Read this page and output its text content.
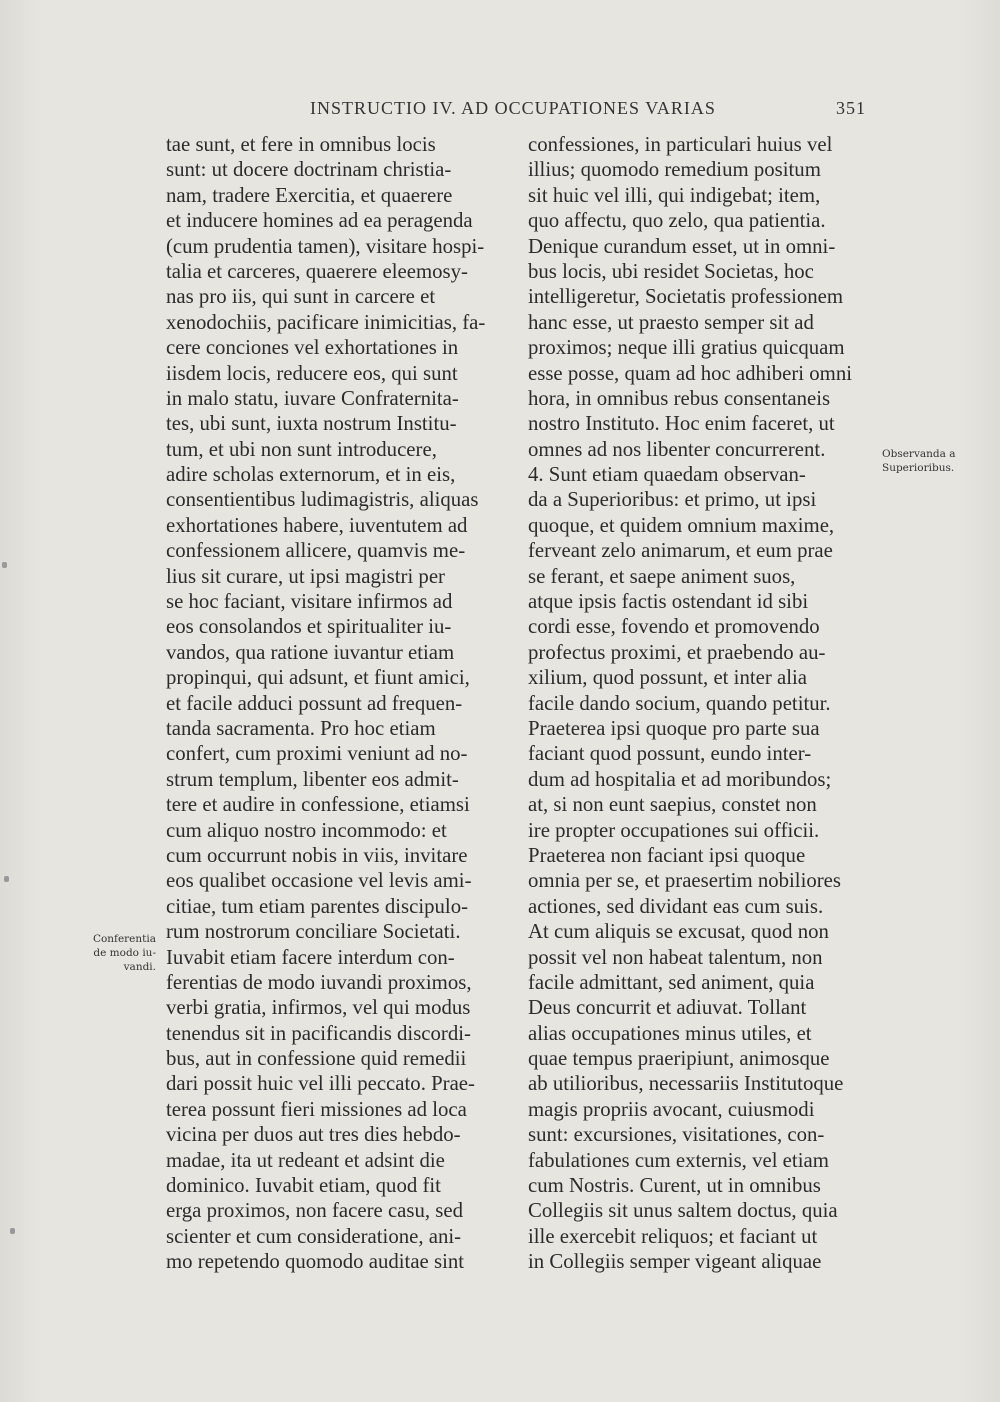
INSTRUCTIO IV. AD OCCUPATIONES VARIAS	351
tae sunt, et fere in omnibus locis
sunt: ut docere doctrinam christia-
nam, tradere Exercitia, et quaerere
et inducere homines ad ea peragenda
(cum prudentia tamen), visitare hospi-
talia et carceres, quaerere eleemosy-
nas pro iis, qui sunt in carcere et
xenodochiis, pacificare inimicitias, fa-
cere conciones vel exhortationes in
iisdem locis, reducere eos, qui sunt
in malo statu, iuvare Confraternita-
tes, ubi sunt, iuxta nostrum Institu-
tum, et ubi non sunt introducere,
adire scholas externorum, et in eis,
consentientibus ludimagistris, aliquas
exhortationes habere, iuventutem ad
confessionem allicere, quamvis me-
lius sit curare, ut ipsi magistri per
se hoc faciant, visitare infirmos ad
eos consolandos et spiritualiter iu-
vandos, qua ratione iuvantur etiam
propinqui, qui adsunt, et fiunt amici,
et facile adduci possunt ad frequen-
tanda sacramenta. Pro hoc etiam
confert, cum proximi veniunt ad no-
strum templum, libenter eos admit-
tere et audire in confessione, etiamsi
cum aliquo nostro incommodo: et
cum occurrunt nobis in viis, invitare
eos qualibet occasione vel levis ami-
citiae, tum etiam parentes discipulo-
rum nostrorum conciliare Societati.
Iuvabit etiam facere interdum con-
ferentias de modo iuvandi proximos,
verbi gratia, infirmos, vel qui modus
tenendus sit in pacificandis discordi-
bus, aut in confessione quid remedii
dari possit huic vel illi peccato. Prae-
terea possunt fieri missiones ad loca
vicina per duos aut tres dies hebdo-
madae, ita ut redeant et adsint die
dominico. Iuvabit etiam, quod fit
erga proximos, non facere casu, sed
scienter et cum consideratione, ani-
mo repetendo quomodo auditae sint
confessiones, in particulari huius vel
illius; quomodo remedium positum
sit huic vel illi, qui indigebat; item,
quo affectu, quo zelo, qua patientia.
Denique curandum esset, ut in omni-
bus locis, ubi residet Societas, hoc
intelligeretur, Societatis professionem
hanc esse, ut praesto semper sit ad
proximos; neque illi gratius quicquam
esse posse, quam ad hoc adhiberi omni
hora, in omnibus rebus consentaneis
nostro Instituto. Hoc enim faceret, ut
omnes ad nos libenter concurrerent.
4. Sunt etiam quaedam observan-
da a Superioribus: et primo, ut ipsi
quoque, et quidem omnium maxime,
ferveant zelo animarum, et eum prae
se ferant, et saepe animent suos,
atque ipsis factis ostendant id sibi
cordi esse, fovendo et promovendo
profectus proximi, et praebendo au-
xilium, quod possunt, et inter alia
facile dando socium, quando petitur.
Praeterea ipsi quoque pro parte sua
faciant quod possunt, eundo inter-
dum ad hospitalia et ad moribundos;
at, si non eunt saepius, constet non
ire propter occupationes sui officii.
Praeterea non faciant ipsi quoque
omnia per se, et praesertim nobiliores
actiones, sed dividant eas cum suis.
At cum aliquis se excusat, quod non
possit vel non habeat talentum, non
facile admittant, sed animent, quia
Deus concurrit et adiuvat. Tollant
alias occupationes minus utiles, et
quae tempus praeripiunt, animosque
ab utilioribus, necessariis Institutoque
magis propriis avocant, cuiusmodi
sunt: excursiones, visitationes, con-
fabulationes cum externis, vel etiam
cum Nostris. Curent, ut in omnibus
Collegiis sit unus saltem doctus, quia
ille exercebit reliquos; et faciant ut
in Collegiis semper vigeant aliquae
Conferentia
de modo iu-
vandi.
Observanda a
Superioribus.
